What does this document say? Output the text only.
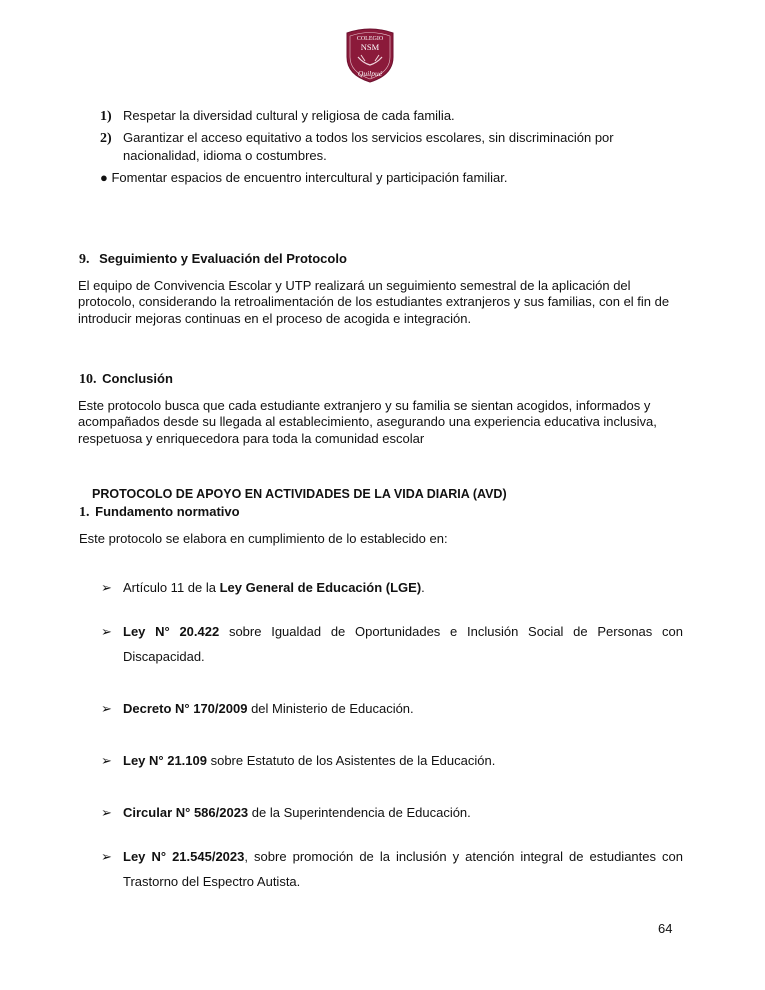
COLEGIO
NSM
Quilpué
1) Respetar la diversidad cultural y religiosa de cada familia.
2) Garantizar el acceso equitativo a todos los servicios escolares, sin discriminación por
nacionalidad, idioma o costumbres.
● Fomentar espacios de encuentro intercultural y participación familiar.
9. Seguimiento y Evaluación del Protocolo
El equipo de Convivencia Escolar y UTP realizará un seguimiento semestral de la aplicación del
protocolo, considerando la retroalimentación de los estudiantes extranjeros y sus familias, con el fin de
introducir mejoras continuas en el proceso de acogida e integración.
10. Conclusión
Este protocolo busca que cada estudiante extranjero y su familia se sientan acogidos, informados y
acompañados desde su llegada al establecimiento, asegurando una experiencia educativa inclusiva,
respetuosa y enriquecedora para toda la comunidad escolar
PROTOCOLO DE APOYO EN ACTIVIDADES DE LA VIDA DIARIA (AVD)
1. Fundamento normativo
Este protocolo se elabora en cumplimiento de lo establecido en:
➢ Artículo 11 de la Ley General de Educación (LGE).
➢ Ley N° 20.422 sobre Igualdad de Oportunidades e Inclusión Social de Personas con
Discapacidad.
➢ Decreto N° 170/2009 del Ministerio de Educación.
➢ Ley N° 21.109 sobre Estatuto de los Asistentes de la Educación.
➢ Circular N° 586/2023 de la Superintendencia de Educación.
➢ Ley N° 21.545/2023, sobre promoción de la inclusión y atención integral de estudiantes con
Trastorno del Espectro Autista.
64
